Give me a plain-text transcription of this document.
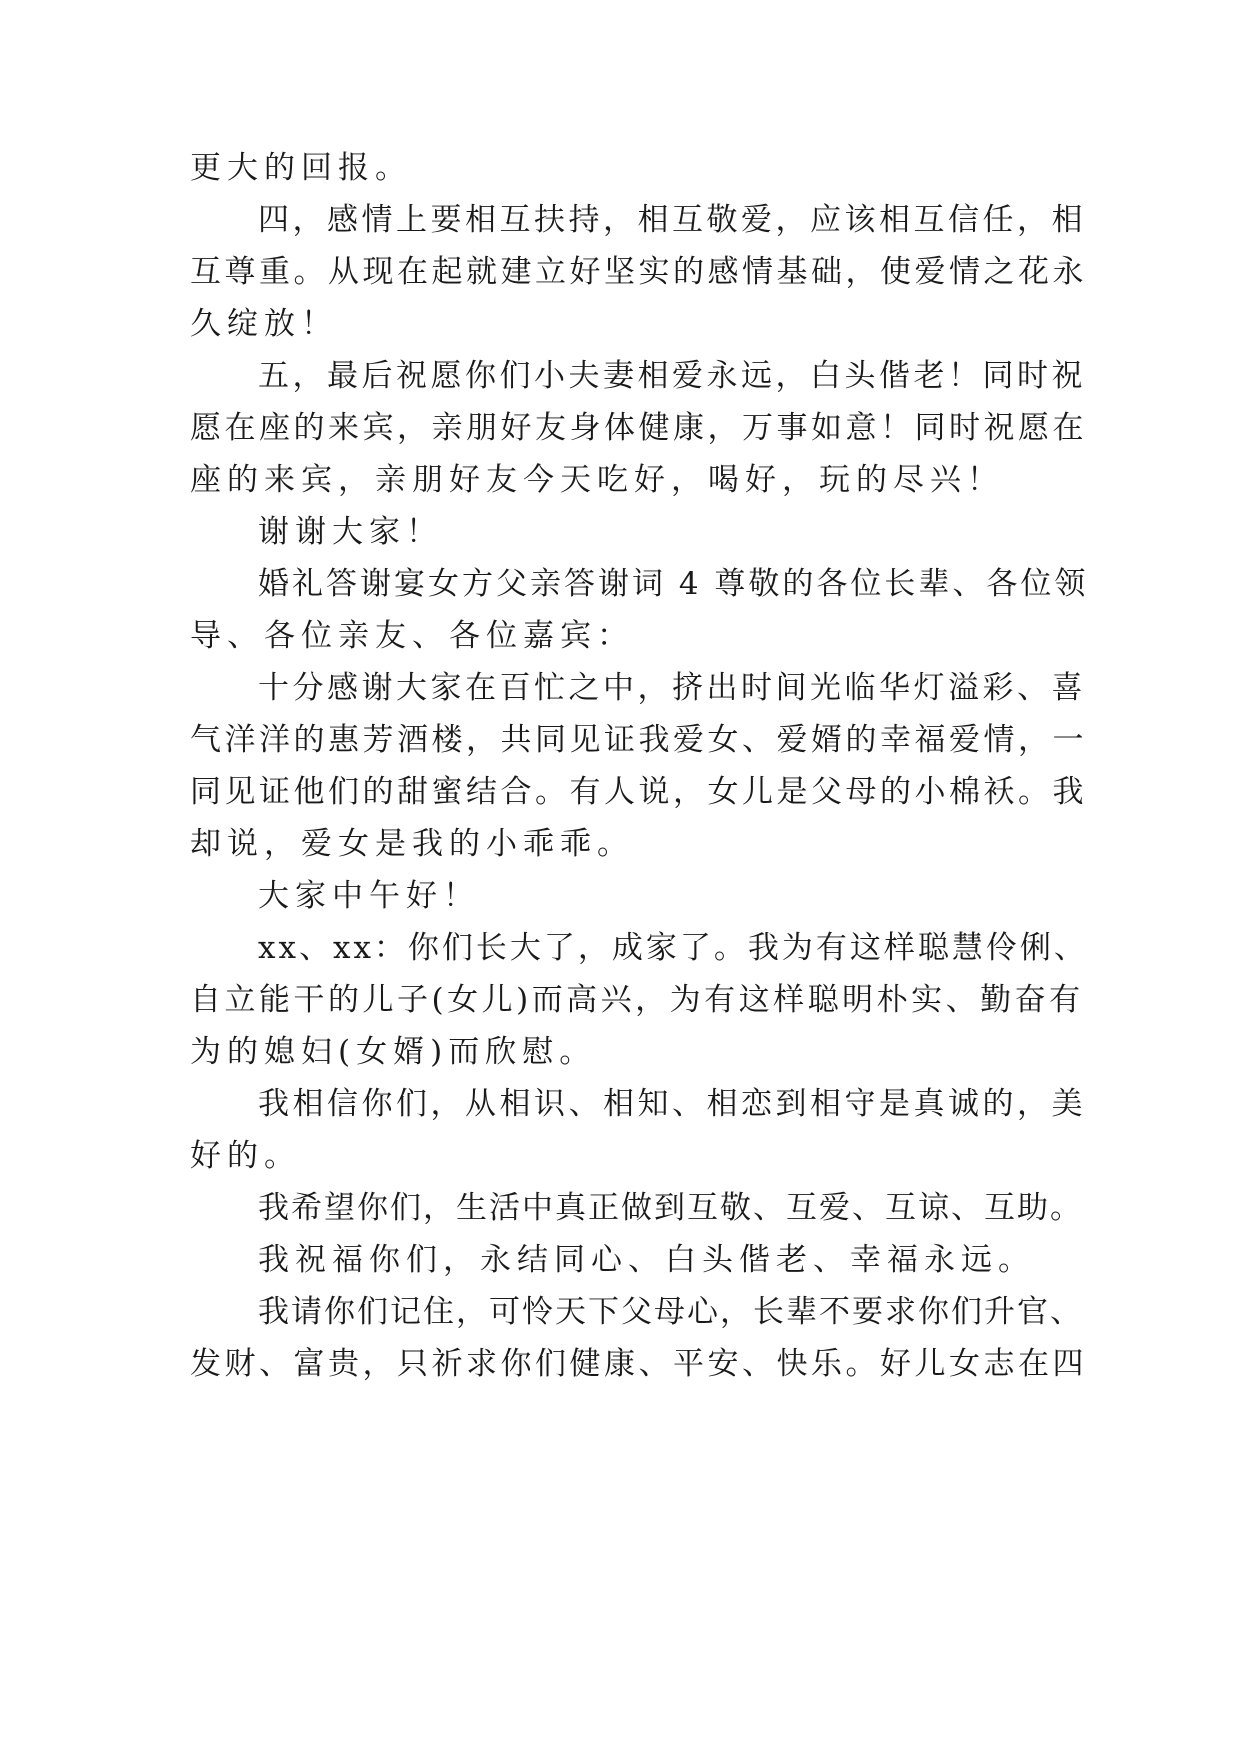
更大的回报。
四，感情上要相互扶持，相互敬爱，应该相互信任，相
互尊重。从现在起就建立好坚实的感情基础，使爱情之花永
久绽放！
五，最后祝愿你们小夫妻相爱永远，白头偕老！同时祝
愿在座的来宾，亲朋好友身体健康，万事如意！同时祝愿在
座的来宾，亲朋好友今天吃好，喝好，玩的尽兴！
谢谢大家！
婚礼答谢宴女方父亲答谢词 4 尊敬的各位长辈、各位领
导、各位亲友、各位嘉宾：
十分感谢大家在百忙之中，挤出时间光临华灯溢彩、喜
气洋洋的惠芳酒楼，共同见证我爱女、爱婿的幸福爱情，一
同见证他们的甜蜜结合。有人说，女儿是父母的小棉袄。我
却说，爱女是我的小乖乖。
大家中午好！
xx、xx：你们长大了，成家了。我为有这样聪慧伶俐、
自立能干的儿子(女儿)而高兴，为有这样聪明朴实、勤奋有
为的媳妇(女婿)而欣慰。
我相信你们，从相识、相知、相恋到相守是真诚的，美
好的。
我希望你们，生活中真正做到互敬、互爱、互谅、互助。
我祝福你们，永结同心、白头偕老、幸福永远。
我请你们记住，可怜天下父母心，长辈不要求你们升官、
发财、富贵，只祈求你们健康、平安、快乐。好儿女志在四
